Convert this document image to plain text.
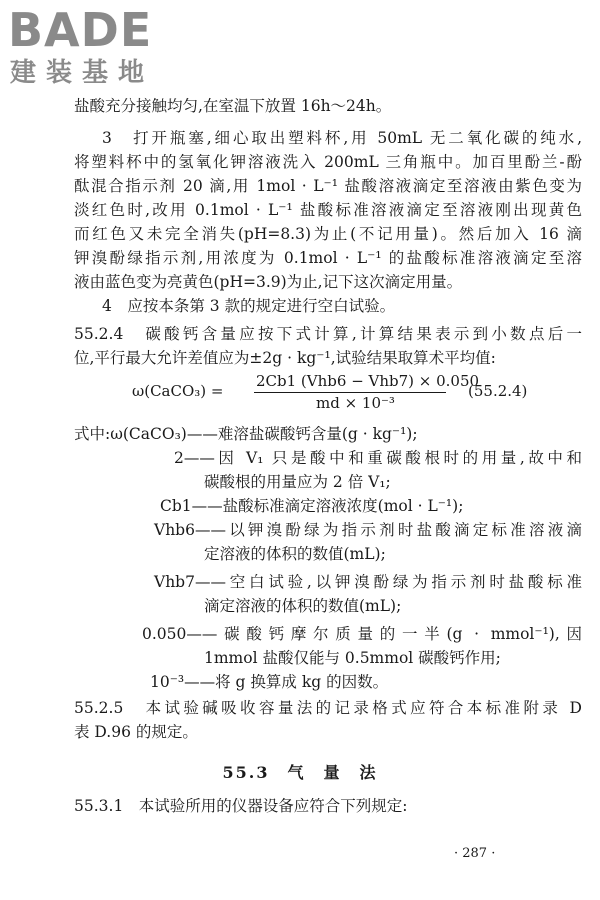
BADE
建装基地
盐酸充分接触均匀,在室温下放置 16h～24h。
3　打开瓶塞,细心取出塑料杯,用 50mL 无二氧化碳的纯水,
将塑料杯中的氢氧化钾溶液洗入 200mL 三角瓶中。加百里酚兰-酚
酞混合指示剂 20 滴,用 1mol · L⁻¹ 盐酸溶液滴定至溶液由紫色变为
淡红色时,改用 0.1mol · L⁻¹ 盐酸标准溶液滴定至溶液刚出现黄色
而红色又未完全消失(pH=8.3)为止(不记用量)。然后加入 16 滴
钾溴酚绿指示剂,用浓度为 0.1mol · L⁻¹ 的盐酸标准溶液滴定至溶
液由蓝色变为亮黄色(pH=3.9)为止,记下这次滴定用量。
4　应按本条第 3 款的规定进行空白试验。
55.2.4　碳酸钙含量应按下式计算,计算结果表示到小数点后一
位,平行最大允许差值应为±2g · kg⁻¹,试验结果取算术平均值:
ω(CaCO₃) =
2Cb1 (Vhb6 − Vhb7) × 0.050
md × 10⁻³
(55.2.4)
式中:ω(CaCO₃)——难溶盐碳酸钙含量(g · kg⁻¹);
2——因 V₁ 只是酸中和重碳酸根时的用量,故中和
碳酸根的用量应为 2 倍 V₁;
Cb1——盐酸标准滴定溶液浓度(mol · L⁻¹);
Vhb6——以钾溴酚绿为指示剂时盐酸滴定标准溶液滴
定溶液的体积的数值(mL);
Vhb7——空白试验,以钾溴酚绿为指示剂时盐酸标准
滴定溶液的体积的数值(mL);
0.050——碳酸钙摩尔质量的一半(g · mmol⁻¹),因
1mmol 盐酸仅能与 0.5mmol 碳酸钙作用;
10⁻³——将 g 换算成 kg 的因数。
55.2.5　本试验碱吸收容量法的记录格式应符合本标准附录 D
表 D.96 的规定。
55.3　气　量　法
55.3.1　本试验所用的仪器设备应符合下列规定:
· 287 ·
